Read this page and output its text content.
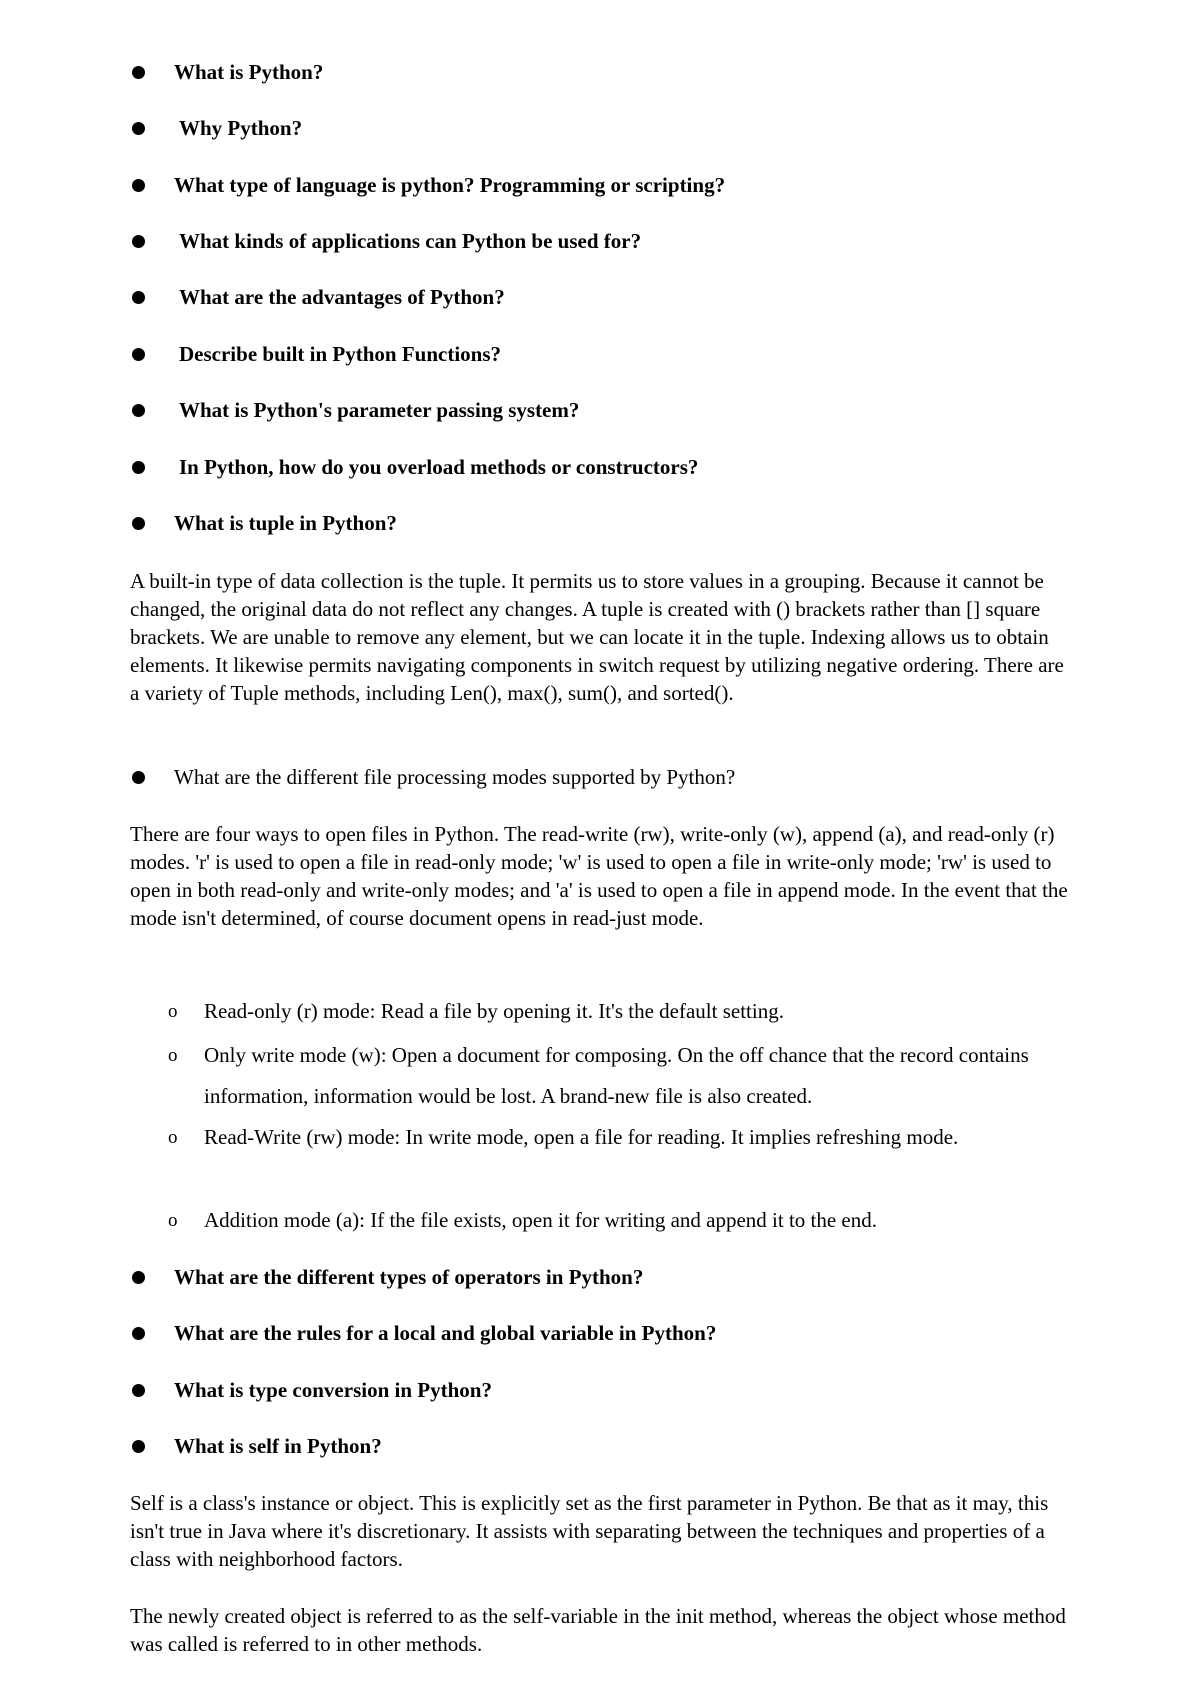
What is Python?
Why Python?
What type of language is python? Programming or scripting?
What kinds of applications can Python be used for?
What are the advantages of Python?
Describe built in Python Functions?
What is Python's parameter passing system?
In Python, how do you overload methods or constructors?
What is tuple in Python?
A built-in type of data collection is the tuple. It permits us to store values in a grouping. Because it cannot be changed, the original data do not reflect any changes. A tuple is created with () brackets rather than [] square brackets. We are unable to remove any element, but we can locate it in the tuple. Indexing allows us to obtain elements. It likewise permits navigating components in switch request by utilizing negative ordering. There are a variety of Tuple methods, including Len(), max(), sum(), and sorted().
What are the different file processing modes supported by Python?
There are four ways to open files in Python. The read-write (rw), write-only (w), append (a), and read-only (r) modes. 'r' is used to open a file in read-only mode; 'w' is used to open a file in write-only mode; 'rw' is used to open in both read-only and write-only modes; and 'a' is used to open a file in append mode. In the event that the mode isn't determined, of course document opens in read-just mode.
o Read-only (r) mode: Read a file by opening it. It's the default setting.
o Only write mode (w): Open a document for composing. On the off chance that the record contains information, information would be lost. A brand-new file is also created.
o Read-Write (rw) mode: In write mode, open a file for reading. It implies refreshing mode.
o Addition mode (a): If the file exists, open it for writing and append it to the end.
What are the different types of operators in Python?
What are the rules for a local and global variable in Python?
What is type conversion in Python?
What is self in Python?
Self is a class's instance or object. This is explicitly set as the first parameter in Python. Be that as it may, this isn't true in Java where it's discretionary. It assists with separating between the techniques and properties of a class with neighborhood factors.
The newly created object is referred to as the self-variable in the init method, whereas the object whose method was called is referred to in other methods.
